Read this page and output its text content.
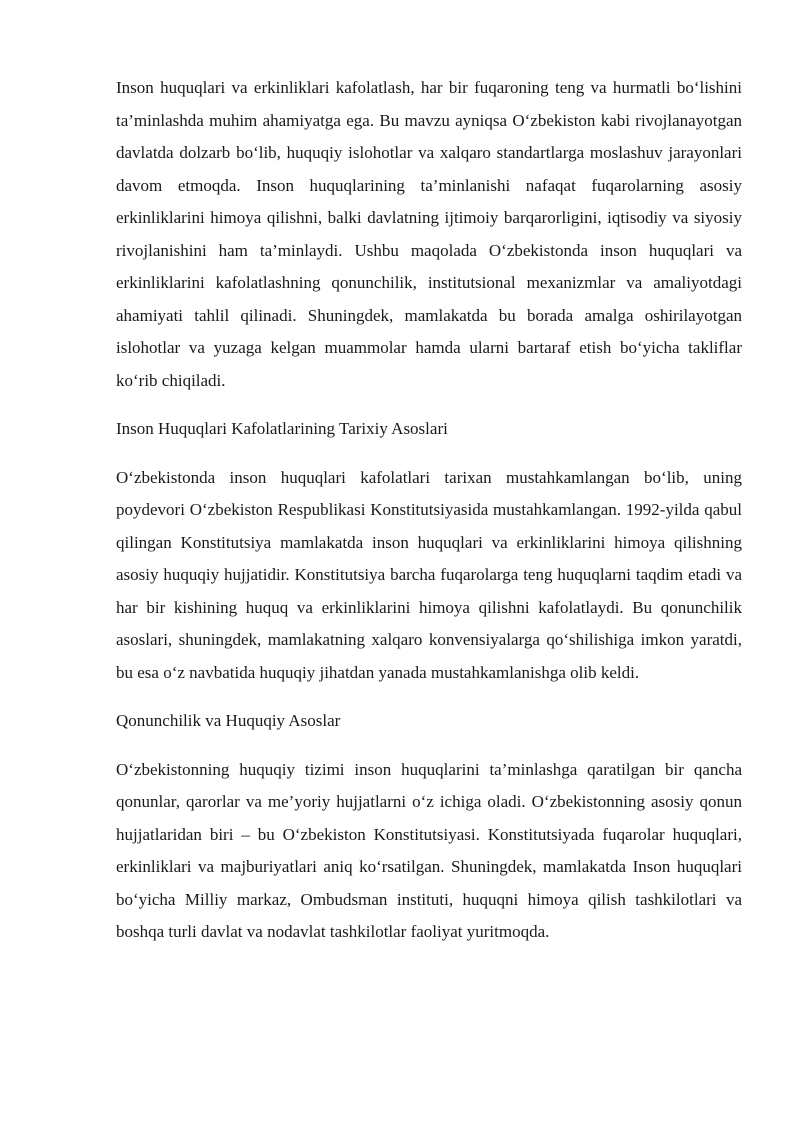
Inson huquqlari va erkinliklari kafolatlash, har bir fuqaroning teng va hurmatli bo‘lishini ta’minlashda muhim ahamiyatga ega. Bu mavzu ayniqsa O‘zbekiston kabi rivojlanayotgan davlatda dolzarb bo‘lib, huquqiy islohotlar va xalqaro standartlarga moslashuv jarayonlari davom etmoqda. Inson huquqlarining ta’minlanishi nafaqat fuqarolarning asosiy erkinliklarini himoya qilishni, balki davlatning ijtimoiy barqarorligini, iqtisodiy va siyosiy rivojlanishini ham ta’minlaydi. Ushbu maqolada O‘zbekistonda inson huquqlari va erkinliklarini kafolatlashning qonunchilik, institutsional mexanizmlar va amaliyotdagi ahamiyati tahlil qilinadi. Shuningdek, mamlakatda bu borada amalga oshirilayotgan islohotlar va yuzaga kelgan muammolar hamda ularni bartaraf etish bo‘yicha takliflar ko‘rib chiqiladi.

Inson Huquqlari Kafolatlarining Tarixiy Asoslari

O‘zbekistonda inson huquqlari kafolatlari tarixan mustahkamlangan bo‘lib, uning poydevori O‘zbekiston Respublikasi Konstitutsiyasida mustahkamlangan. 1992-yilda qabul qilingan Konstitutsiya mamlakatda inson huquqlari va erkinliklarini himoya qilishning asosiy huquqiy hujjatidir. Konstitutsiya barcha fuqarolarga teng huquqlarni taqdim etadi va har bir kishining huquq va erkinliklarini himoya qilishni kafolatlaydi. Bu qonunchilik asoslari, shuningdek, mamlakatning xalqaro konvensiyalarga qo‘shilishiga imkon yaratdi, bu esa o‘z navbatida huquqiy jihatdan yanada mustahkamlanishga olib keldi.

Qonunchilik va Huquqiy Asoslar

O‘zbekistonning huquqiy tizimi inson huquqlarini ta’minlashga qaratilgan bir qancha qonunlar, qarorlar va me’yoriy hujjatlarni o‘z ichiga oladi. O‘zbekistonning asosiy qonun hujjatlaridan biri – bu O‘zbekiston Konstitutsiyasi. Konstitutsiyada fuqarolar huquqlari, erkinliklari va majburiyatlari aniq ko‘rsatilgan. Shuningdek, mamlakatda Inson huquqlari bo‘yicha Milliy markaz, Ombudsman instituti, huquqni himoya qilish tashkilotlari va boshqa turli davlat va nodavlat tashkilotlar faoliyat yuritmoqda.
